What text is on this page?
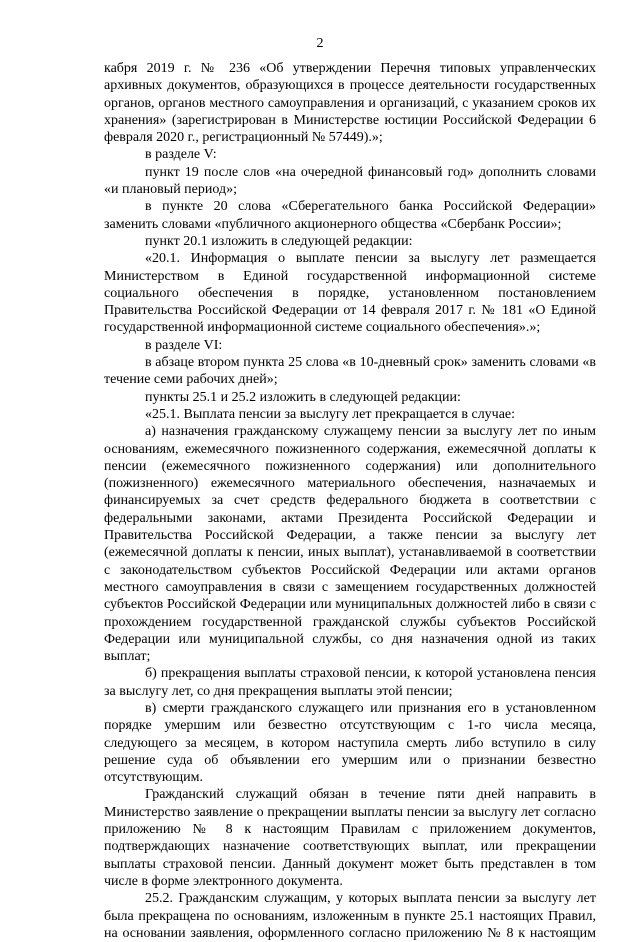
2

кабря 2019 г. № 236 «Об утверждении Перечня типовых управленческих архивных документов, образующихся в процессе деятельности государственных органов, органов местного самоуправления и организаций, с указанием сроков их хранения» (зарегистрирован в Министерстве юстиции Российской Федерации 6 февраля 2020 г., регистрационный № 57449).»;

в разделе V:

пункт 19 после слов «на очередной финансовый год» дополнить словами «и плановый период»;

в пункте 20 слова «Сберегательного банка Российской Федерации» заменить словами «публичного акционерного общества «Сбербанк России»;

пункт 20.1 изложить в следующей редакции:

«20.1. Информация о выплате пенсии за выслугу лет размещается Министерством в Единой государственной информационной системе социального обеспечения в порядке, установленном постановлением Правительства Российской Федерации от 14 февраля 2017 г. № 181 «О Единой государственной информационной системе социального обеспечения».»;

в разделе VI:

в абзаце втором пункта 25 слова «в 10-дневный срок» заменить словами «в течение семи рабочих дней»;

пункты 25.1 и 25.2 изложить в следующей редакции:

«25.1. Выплата пенсии за выслугу лет прекращается в случае:

а) назначения гражданскому служащему пенсии за выслугу лет по иным основаниям, ежемесячного пожизненного содержания, ежемесячной доплаты к пенсии (ежемесячного пожизненного содержания) или дополнительного (пожизненного) ежемесячного материального обеспечения, назначаемых и финансируемых за счет средств федерального бюджета в соответствии с федеральными законами, актами Президента Российской Федерации и Правительства Российской Федерации, а также пенсии за выслугу лет (ежемесячной доплаты к пенсии, иных выплат), устанавливаемой в соответствии с законодательством субъектов Российской Федерации или актами органов местного самоуправления в связи с замещением государственных должностей субъектов Российской Федерации или муниципальных должностей либо в связи с прохождением государственной гражданской службы субъектов Российской Федерации или муниципальной службы, со дня назначения одной из таких выплат;

б) прекращения выплаты страховой пенсии, к которой установлена пенсия за выслугу лет, со дня прекращения выплаты этой пенсии;

в) смерти гражданского служащего или признания его в установленном порядке умершим или безвестно отсутствующим с 1-го числа месяца, следующего за месяцем, в котором наступила смерть либо вступило в силу решение суда об объявлении его умершим или о признании безвестно отсутствующим.

Гражданский служащий обязан в течение пяти дней направить в Министерство заявление о прекращении выплаты пенсии за выслугу лет согласно приложению № 8 к настоящим Правилам с приложением документов, подтверждающих назначение соответствующих выплат, или прекращении выплаты страховой пенсии. Данный документ может быть представлен в том числе в форме электронного документа.

25.2. Гражданским служащим, у которых выплата пенсии за выслугу лет была прекращена по основаниям, изложенным в пункте 25.1 настоящих Правил, на основании заявления, оформленного согласно приложению № 8 к настоящим
